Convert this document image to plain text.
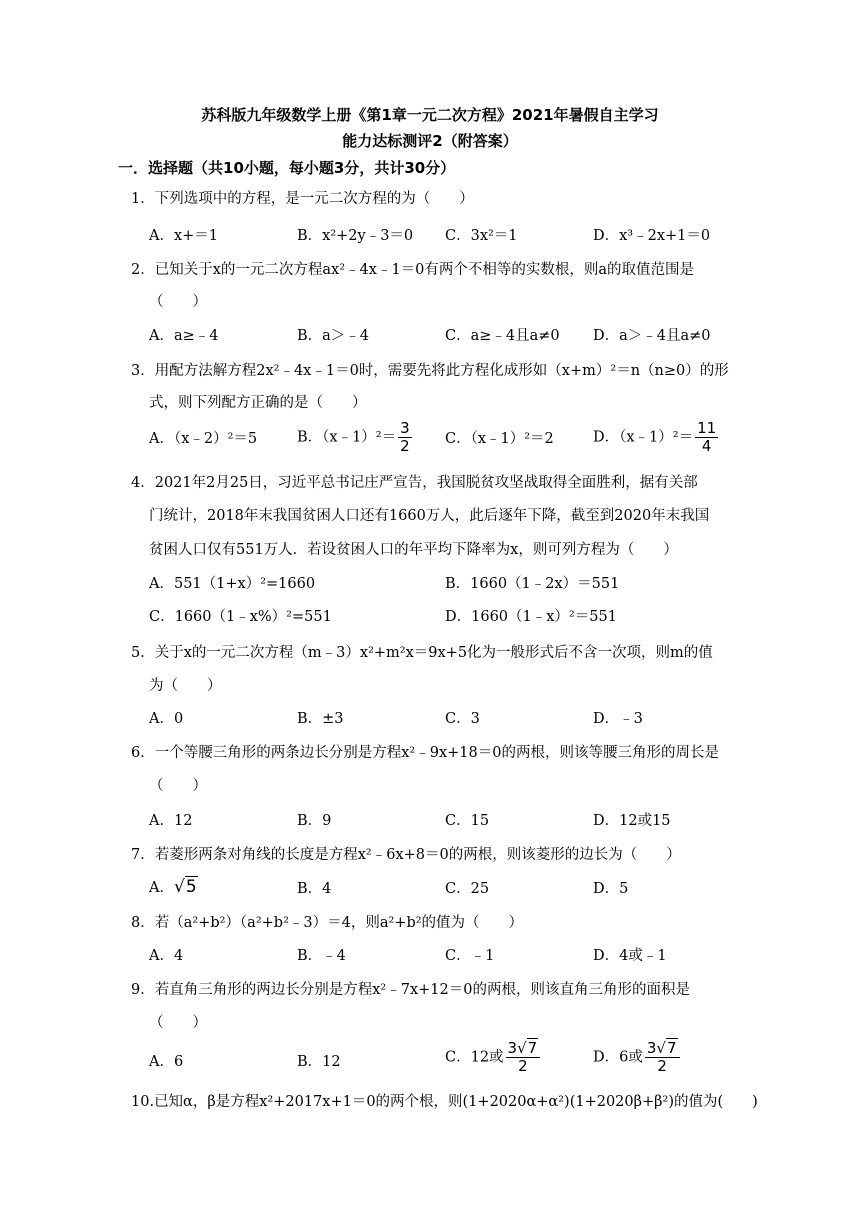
苏科版九年级数学上册《第1章一元二次方程》2021年暑假自主学习
能力达标测评2（附答案）
一．选择题（共10小题，每小题3分，共计30分）
1．下列选项中的方程，是一元二次方程的为（　　）
A．x+＝1	B．x²+2y﹣3＝0 C．3x²＝1	D．x³﹣2x+1＝0
2．已知关于x的一元二次方程ax²﹣4x﹣1＝0有两个不相等的实数根，则a的取值范围是
（　　）
A．a≥﹣4	B．a＞﹣4	C．a≥﹣4且a≠0 D．a＞﹣4且a≠0
3．用配方法解方程2x²﹣4x﹣1＝0时，需要先将此方程化成形如（x+m）²＝n（n≥0）的形
式，则下列配方正确的是（　　）
A．（x﹣2）²＝5	B．（x﹣1）²＝ $\frac{3}{2}$ C．（x﹣1）²＝2	D．（x﹣1）²＝ $\frac{11}{4}$
4．2021年2月25日，习近平总书记庄严宣告，我国脱贫攻坚战取得全面胜利，据有关部
门统计，2018年末我国贫困人口还有1660万人，此后逐年下降，截至到2020年末我国
贫困人口仅有551万人．若设贫困人口的年平均下降率为x，则可列方程为（　　）
A．551（1+x）²=1660	B．1660（1﹣2x）＝551
C．1660（1﹣x%）²=551	D．1660（1﹣x）²＝551
5．关于x的一元二次方程（m﹣3）x²+m²x＝9x+5化为一般形式后不含一次项，则m的值
为（　　）
A．0	B．±3	C．3	D．﹣3
6．一个等腰三角形的两条边长分别是方程x²﹣9x+18＝0的两根，则该等腰三角形的周长是
（　　）
A．12	B．9	C．15	D．12或15
7．若菱形两条对角线的长度是方程x²﹣6x+8＝0的两根，则该菱形的边长为（　　）
A．√5	B．4	C．25	D．5
8．若（a²+b²）（a²+b²﹣3）＝4，则a²+b²的值为（　　）
A．4	B．﹣4	C．﹣1	D．4或﹣1
9．若直角三角形的两边长分别是方程x²﹣7x+12＝0的两根，则该直角三角形的面积是
（　　）
A．6	B．12	C．12或 $\frac{3√7}{2}$	D．6或 $\frac{3√7}{2}$
10.已知α，β是方程x²+2017x+1＝0的两个根，则(1+2020α+α²)(1+2020β+β²)的值为(　　)
